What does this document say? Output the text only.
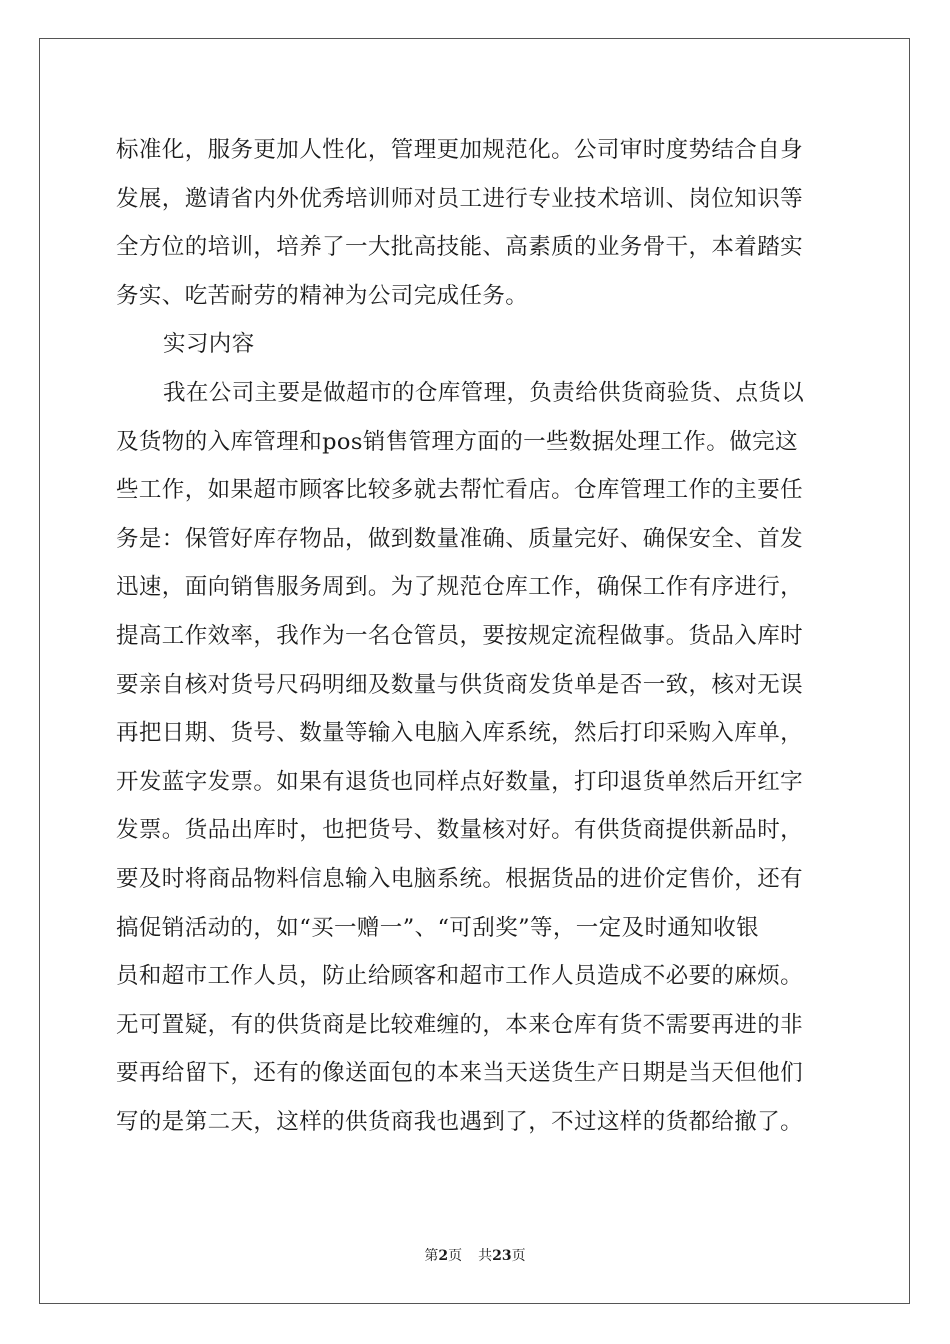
标准化，服务更加人性化，管理更加规范化。公司审时度势结合自身
发展，邀请省内外优秀培训师对员工进行专业技术培训、岗位知识等
全方位的培训，培养了一大批高技能、高素质的业务骨干，本着踏实
务实、吃苦耐劳的精神为公司完成任务。
实习内容
我在公司主要是做超市的仓库管理，负责给供货商验货、点货以
及货物的入库管理和pos销售管理方面的一些数据处理工作。做完这
些工作，如果超市顾客比较多就去帮忙看店。仓库管理工作的主要任
务是：保管好库存物品，做到数量准确、质量完好、确保安全、首发
迅速，面向销售服务周到。为了规范仓库工作，确保工作有序进行，
提高工作效率，我作为一名仓管员，要按规定流程做事。货品入库时
要亲自核对货号尺码明细及数量与供货商发货单是否一致，核对无误
再把日期、货号、数量等输入电脑入库系统，然后打印采购入库单，
开发蓝字发票。如果有退货也同样点好数量，打印退货单然后开红字
发票。货品出库时，也把货号、数量核对好。有供货商提供新品时，
要及时将商品物料信息输入电脑系统。根据货品的进价定售价，还有
搞促销活动的，如“买一赠一”、“可刮奖”等，一定及时通知收银
员和超市工作人员，防止给顾客和超市工作人员造成不必要的麻烦。
无可置疑，有的供货商是比较难缠的，本来仓库有货不需要再进的非
要再给留下，还有的像送面包的本来当天送货生产日期是当天但他们
写的是第二天，这样的供货商我也遇到了，不过这样的货都给撤了。
第2页 共23页
